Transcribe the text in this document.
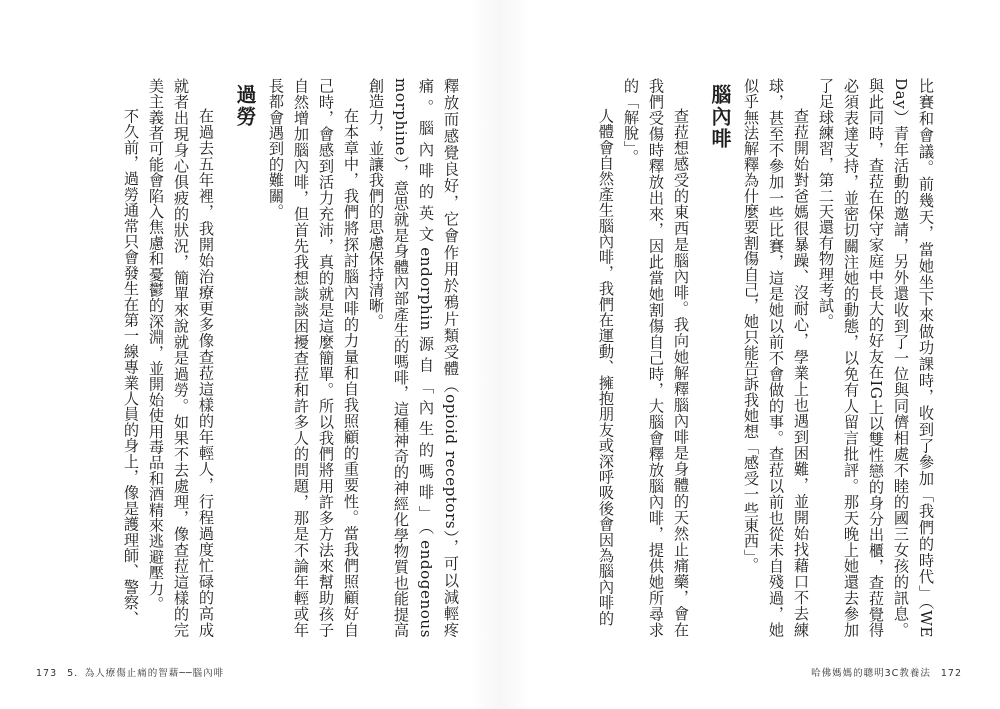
比賽和會議。前幾天，當她坐下來做功課時，收到了參加「我們的時代」（WE Day）青年活動的邀請，另外還收到了一位與同儕相處不睦的國三女孩的訊息。與此同時，查菈在保守家庭中長大的好友在IG上以雙性戀的身分出櫃，查菈覺得必須表達支持，並密切關注她的動態，以免有人留言批評。那天晚上她還去參加了足球練習，第二天還有物理考試。

查菈開始對爸媽很暴躁、沒耐心，學業上也遇到困難，並開始找藉口不去練球，甚至不參加一些比賽，這是她以前不會做的事。查菈以前也從未自殘過，她似乎無法解釋為什麼要割傷自己，她只能告訴我她想「感受一些東西」。

腦內啡

查菈想感受的東西是腦內啡。我向她解釋腦內啡是身體的天然止痛藥，會在我們受傷時釋放出來，因此當她割傷自己時，大腦會釋放腦內啡，提供她所尋求的「解脫」。

人體會自然產生腦內啡，我們在運動、擁抱朋友或深呼吸後會因為腦內啡的

釋放而感覺良好，它會作用於鴉片類受體（opioid receptors），可以減輕疼痛。腦內啡的英文endorphin源自「內生的嗎啡」（endogenous morphine），意思就是身體內部產生的嗎啡，這種神奇的神經化學物質也能提高創造力，並讓我們的思慮保持清晰。

在本章中，我們將探討腦內啡的力量和自我照顧的重要性。當我們照顧好自己時，會感到活力充沛，真的就是這麼簡單。所以我們將用許多方法來幫助孩子自然增加腦內啡，但首先我想談談困擾查菈和許多人的問題，那是不論年輕或年長都會遇到的難關。

過勞

在過去五年裡，我開始治療更多像查菈這樣的年輕人，行程過度忙碌的高成就者出現身心俱疲的狀況，簡單來說就是過勞。如果不去處理，像查菈這樣的完美主義者可能會陷入焦慮和憂鬱的深淵，並開始使用毒品和酒精來逃避壓力。

不久前，過勞通常只會發生在第一線專業人員的身上，像是護理師、警察、

173 5．為人療傷止痛的智藉──腦內啡	哈佛媽媽的聰明3C教養法 172
